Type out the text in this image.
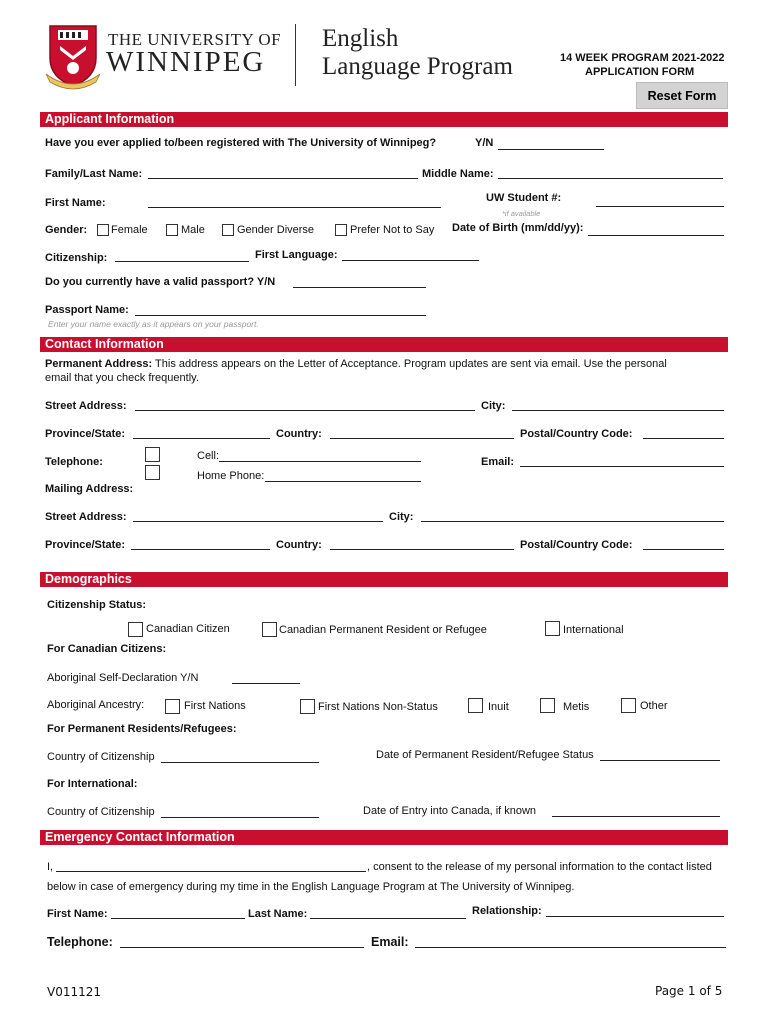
THE UNIVERSITY OF
WINNIPEG
English
Language Program	14 WEEK PROGRAM 2021-2022
APPLICATION FORM
Reset Form
Applicant Information
Have you ever applied to/been registered with The University of Winnipeg?	Y/N
Family/Last Name:	Middle Name:
First Name:	UW Student #:
*if available
Gender: Female	Male	Gender Diverse	Prefer Not to Say Date of Birth (mm/dd/yy):
Citizenship:	First Language:
Do you currently have a valid passport? Y/N
Passport Name:
Enter your name exactly as it appears on your passport.
Contact Information
Permanent Address: This address appears on the Letter of Acceptance. Program updates are sent via email. Use the personal
email that you check frequently.
Street Address:	City:
Province/State:	Country:	Postal/Country Code:
Telephone:	Cell:
Home Phone:
Email:
Mailing Address:
Street Address:	City:
Province/State:	Country:	Postal/Country Code:
Demographics
Citizenship Status:
Canadian Citizen	Canadian Permanent Resident or Refugee	International
For Canadian Citizens:
Aboriginal Self-Declaration Y/N
Aboriginal Ancestry:	First Nations	First Nations Non-Status	Inuit	Metis	Other
For Permanent Residents/Refugees:
Country of Citizenship	Date of Permanent Resident/Refugee Status
For International:
Country of Citizenship	Date of Entry into Canada, if known
Emergency Contact Information
I,	, consent to the release of my personal information to the contact listed
below in case of emergency during my time in the English Language Program at The University of Winnipeg.
First Name:	Last Name:	Relationship:
Telephone:	Email:
V011121	Page 1 of 5
